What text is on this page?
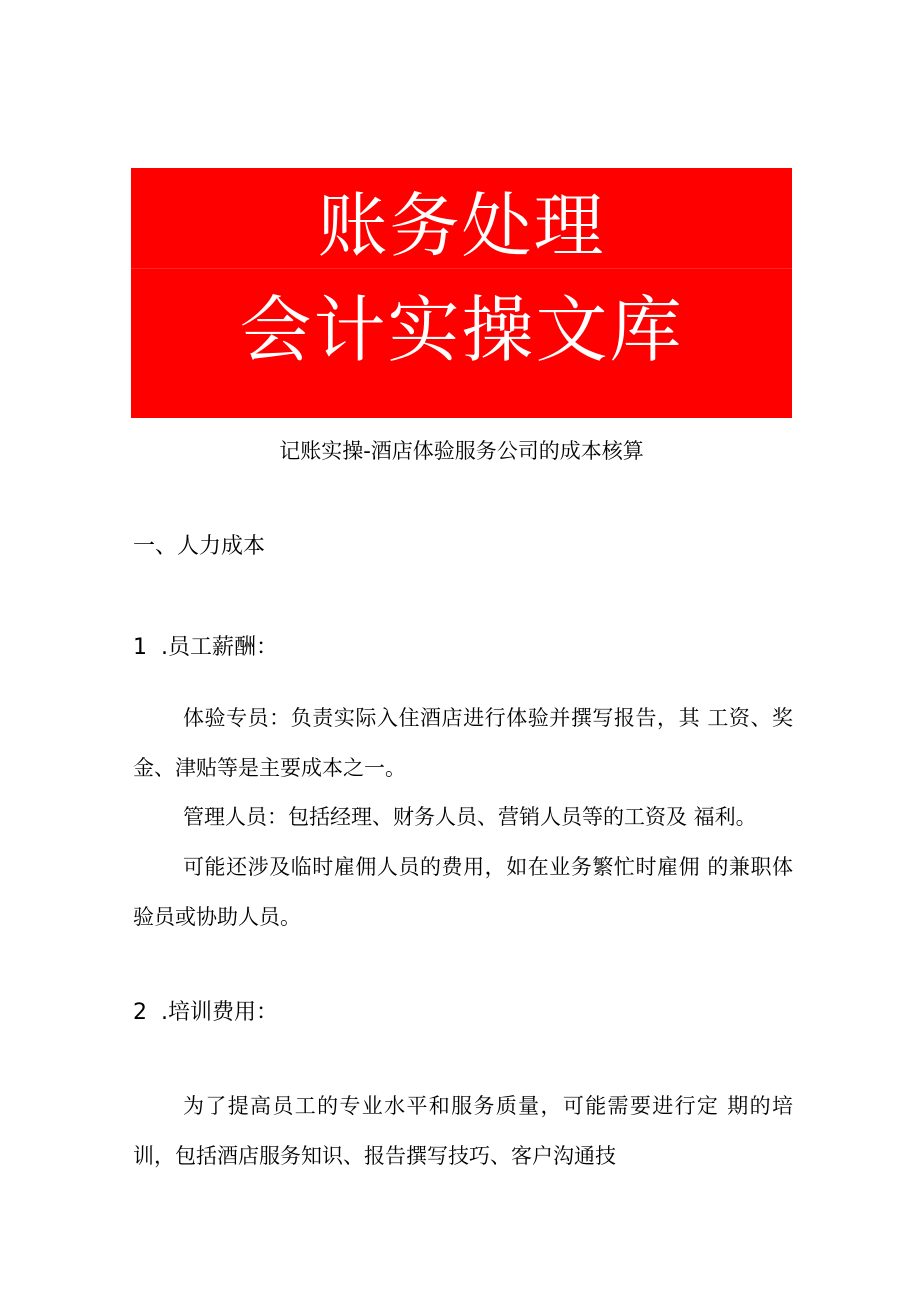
账务处理
会计实操文库
记账实操-酒店体验服务公司的成本核算
一、人力成本
1 .员工薪酬：
体验专员：负责实际入住酒店进行体验并撰写报告，其 工资、奖金、津贴等是主要成本之一。
管理人员：包括经理、财务人员、营销人员等的工资及 福利。
可能还涉及临时雇佣人员的费用，如在业务繁忙时雇佣 的兼职体验员或协助人员。
2 .培训费用：
为了提高员工的专业水平和服务质量，可能需要进行定 期的培训，包括酒店服务知识、报告撰写技巧、客户沟通技
